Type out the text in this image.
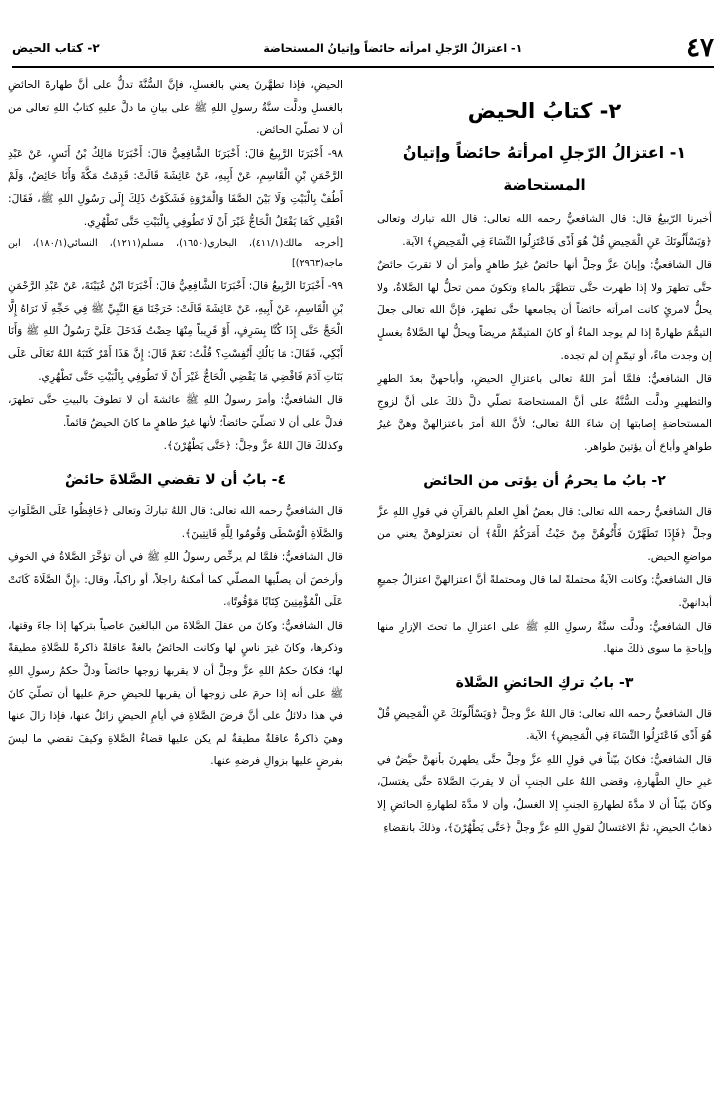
٤٧
١- اعتزالُ الرّجلِ امرأته حائضاً وإتيانُ المستحاضة
٢- كتاب الحيض
٢- كتابُ الحيض
١- اعتزالُ الرّجلِ امرأتهُ حائضاً وإتيانُ
المستحاضة

أخبرنا الرّبيعُ قال: قال الشافعيُّ رحمه الله تعالى: قال الله تبارك وتعالى ﴿وَيَسْأَلُونَكَ عَنِ الْمَحِيضِ قُلْ هُوَ أَذًى فَاعْتَزِلُوا النِّسَاءَ فِي الْمَحِيضِ﴾ الآية.

قال الشافعيُّ: وإبانَ عزَّ وجلَّ أنها حائضٌ غيرُ طاهرٍ وأمرَ أن لا تقربَ حائضٌ حتَّى تطهرَ ولا إذا طهرت حتَّى تتطهَّرَ بالماءِ وتكونَ ممن تحلُّ لها الصَّلاةُ، ولا يحلُّ لامرئٍ كانت امرأته حائضاً أن يجامعها حتَّى تطهرَ، فإنَّ الله تعالى جعلَ التيمُّمَ طهارةً إذا لم يوجد الماءُ أو كانَ المتيمِّمُ مريضاً ويحلُّ لها الصَّلاةُ بغسلٍ إن وجدت ماءً، أو تيمّمٍ إن لم تجده.

قال الشافعيُّ: فلمَّا أمرَ اللهُ تعالى باعتزالِ الحيضِ، وأباحهنَّ بعدَ الطهرِ والتطهيرِ ودلَّت السُّنَّةُ على أنَّ المستحاضةَ تصلّي دلَّ ذلكَ على أنَّ لزوجِ المستحاضةِ إصابتها إن شاءَ اللهُ تعالى؛ لأنَّ اللهَ أمرَ باعتزالهنَّ وهنَّ غيرُ طواهرٍ وأباحَ أن يؤتينَ طواهر.

٢- بابُ ما يحرمُ أن يؤتى من الحائض

قال الشافعيُّ رحمه الله تعالى: قال بعضُ أهلِ العلمِ بالقرآنِ في قولِ اللهِ عزَّ وجلَّ ﴿فَإِذَا تَطَهَّرْنَ فَأْتُوهُنَّ مِنْ حَيْثُ أَمَرَكُمُ اللَّهُ﴾ أن تعتزلوهنَّ يعني من مواضعِ الحيض.

قال الشافعيُّ: وكانت الآيةُ محتملةً لما قال ومحتملةً أنَّ اعتزالهنَّ اعتزالُ جميعِ أبدانهنَّ.

قال الشافعيُّ: ودلَّت سنَّةُ رسولِ اللهِ ﷺ على اعتزالِ ما تحتَ الإزارِ منها وإباحةِ ما سوى ذلكَ منها.

٣- بابُ تركِ الحائضِ الصَّلاة

قال الشافعيُّ رحمه الله تعالى: قال اللهُ عزَّ وجلَّ ﴿وَيَسْأَلُونَكَ عَنِ الْمَحِيضِ قُلْ هُوَ أَذًى فَاعْتَزِلُوا النِّسَاءَ فِي الْمَحِيضِ﴾ الآية.

قال الشافعيُّ: فكانَ بيّناً في قولِ اللهِ عزَّ وجلَّ حتَّى يطهرنَ بأنهنَّ حيَّضٌ في غيرِ حالِ الطَّهارةِ، وقضى اللهُ على الجنبِ أن لا يقربَ الصَّلاةَ حتَّى يغتسلَ، وكانَ بيّناً أن لا مدَّةَ لطهارةِ الجنبِ إلا الغسلُ، وأن لا مدَّةَ لطهارةِ الحائضِ إلا ذهابُ الحيضِ، ثمَّ الاغتسالُ لقولِ اللهِ عزَّ وجلَّ ﴿حَتَّى يَطْهُرْنَ﴾، وذلكَ بانقضاءِ

الحيضِ، فإذا تطهَّرنَ يعني بالغسلِ، فإنَّ السُّنَّةَ تدلُّ على أنَّ طهارةَ الحائضِ بالغسلِ ودلَّت سنَّةُ رسولِ اللهِ ﷺ على بيانِ ما دلَّ عليهِ كتابُ اللهِ تعالى من أن لا تصلّيَ الحائض.

٩٨- أَخْبَرَنَا الرَّبِيعُ قالَ: أَخْبَرَنَا الشَّافِعِيُّ قالَ: أَخْبَرَنَا مَالِكُ بْنُ أَنَسٍ، عَنْ عَبْدِ الرَّحْمَنِ بْنِ الْقَاسِمِ، عَنْ أَبِيهِ، عَنْ عَائِشَةَ قَالَتْ: قَدِمْتُ مَكَّةَ وَأَنَا حَائِضٌ، وَلَمْ أَطُفْ بِالْبَيْتِ وَلَا بَيْنَ الصَّفَا وَالْمَرْوَةِ فَشَكَوْتُ ذَلِكَ إِلَى رَسُولِ اللهِ ﷺ، فَقَالَ: افْعَلِي كَمَا يَفْعَلُ الْحَاجُّ غَيْرَ أَنْ لَا تَطُوفِي بِالْبَيْتِ حَتَّى تَطْهُرِي.

[أخرجه مالك(٤١١/١)، البخاري(١٦٥٠)، مسلم(١٢١١)، النسائي(١٨٠/١)، ابن ماجه(٢٩٦٣)]

٩٩- أَخْبَرَنَا الرَّبِيعُ قالَ: أَخْبَرَنَا الشَّافِعِيُّ قالَ: أَخْبَرَنَا ابْنُ عُيَيْنَةَ، عَنْ عَبْدِ الرَّحْمَنِ بْنِ الْقَاسِمِ، عَنْ أَبِيهِ، عَنْ عَائِشَةَ قَالَتْ: خَرَجْنَا مَعَ النَّبِيِّ ﷺ فِي حَجِّهِ لَا نَرَاهُ إِلَّا الْحَجَّ حَتَّى إِذَا كُنَّا بِسَرِفٍ، أَوْ قَرِيباً مِنْهَا حِضْتُ فَدَخَلَ عَلَيَّ رَسُولُ اللهِ ﷺ وَأَنَا أَبْكِي، فَقَالَ: مَا بَالُكِ أَنُفِسْتِ؟ قُلْتُ: نَعَمْ قَالَ: إِنَّ هَذَا أَمْرٌ كَتَبَهُ اللهُ تَعَالَى عَلَى بَنَاتِ آدَمَ فَاقْضِي مَا يَقْضِي الْحَاجُّ غَيْرَ أَنْ لَا تَطُوفِي بِالْبَيْتِ حَتَّى تَطْهُرِي.

قال الشافعيُّ: وأمرَ رسولُ اللهِ ﷺ عائشةَ أن لا تطوفَ بالبيتِ حتَّى تطهرَ، فدلَّ على أن لا تصلّيَ حائضاً؛ لأنها غيرُ طاهرٍ ما كانَ الحيضُ قائماً.

وكذلكَ قالَ اللهُ عزَّ وجلَّ: ﴿حَتَّى يَطْهُرْنَ﴾.

٤- بابُ أن لا تقضي الصَّلاةَ حائضٌ

قال الشافعيُّ رحمه الله تعالى: قال اللهُ تباركَ وتعالى ﴿حَافِظُوا عَلَى الصَّلَوَاتِ وَالصَّلَاةِ الْوُسْطَى وَقُومُوا لِلَّهِ قَانِتِينَ﴾.

قال الشافعيُّ: فلمَّا لم يرخِّص رسولُ اللهِ ﷺ في أن تؤخَّرَ الصَّلاةُ في الخوفِ وأرخصَ أن يصلّيها المصلّي كما أمكنهُ راجلاً، أو راكباً، وقال: ﴿إِنَّ الصَّلَاةَ كَانَتْ عَلَى الْمُؤْمِنِينَ كِتَابًا مَوْقُوتًا﴾.

قال الشافعيُّ: وكانَ من عقلَ الصَّلاةَ من البالغينَ عاصياً بتركها إذا جاءَ وقتها، وذكرها، وكانَ غيرَ ناسٍ لها وكانت الحائضُ بالغةً عاقلةً ذاكرةً للصَّلاةِ مطيقةً لها؛ فكانَ حكمُ اللهِ عزَّ وجلَّ أن لا يقربها زوجها حائضاً ودلَّ حكمُ رسولِ اللهِ ﷺ على أنه إذا حرمَ على زوجها أن يقربها للحيضِ حرمَ عليها أن تصلّيَ كانَ في هذا دلائلُ على أنَّ فرضَ الصَّلاةِ في أيامِ الحيضِ زائلٌ عنها، فإذا زالَ عنها وهيَ ذاكرةٌ عاقلةٌ مطيقةٌ لم يكن عليها قضاءُ الصَّلاةِ وكيفَ تقضي ما ليسَ بفرضٍ عليها بزوالِ فرضهِ عنها.
